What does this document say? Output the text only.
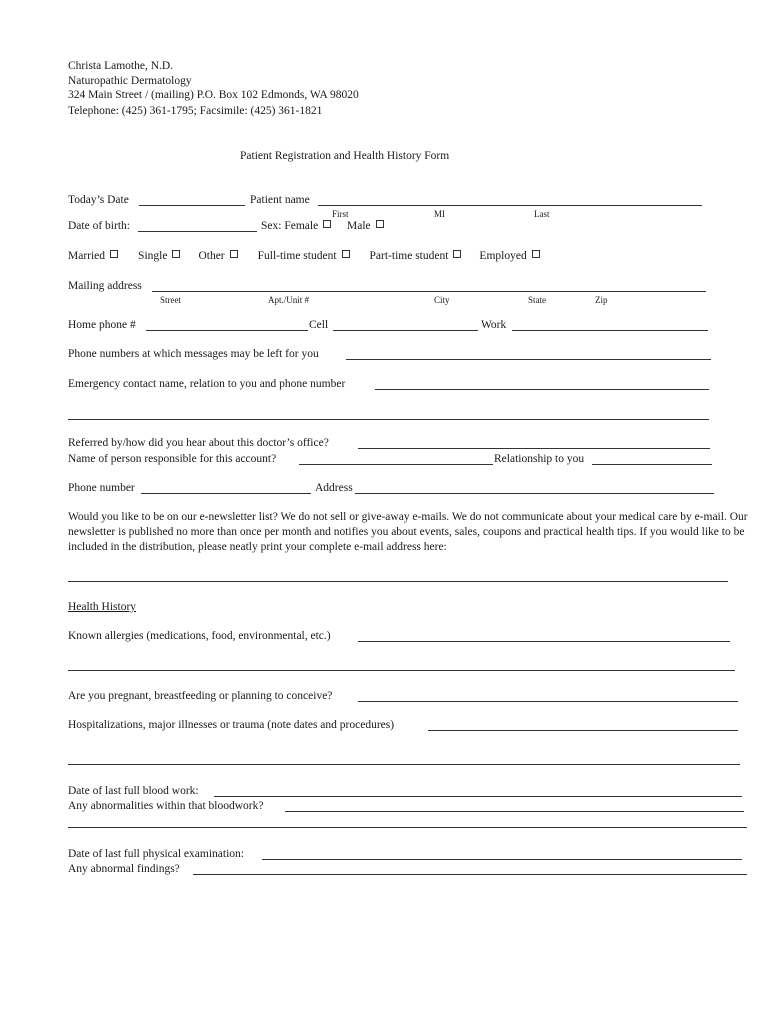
Christa Lamothe, N.D.
Naturopathic Dermatology
324 Main Street / (mailing) P.O. Box 102 Edmonds, WA 98020
Telephone: (425) 361-1795; Facsimile: (425) 361-1821
Patient Registration and Health History Form
Today’s Date	Patient name
First	MI	Last
Date of birth:	Sex: Female	Male
Married	Single	Other	Full-time student	Part-time student	Employed
Mailing address
Street	Apt./Unit #	City	State	Zip
Home phone #	Cell	Work
Phone numbers at which messages may be left for you
Emergency contact name, relation to you and phone number
Referred by/how did you hear about this doctor’s office?
Name of person responsible for this account?	Relationship to you
Phone number	Address
Would you like to be on our e-newsletter list? We do not sell or give-away e-mails. We do not communicate about your medical care by e-mail. Our newsletter is published no more than once per month and notifies you about events, sales, coupons and practical health tips. If you would like to be included in the distribution, please neatly print your complete e-mail address here:
Health History
Known allergies (medications, food, environmental, etc.)
Are you pregnant, breastfeeding or planning to conceive?
Hospitalizations, major illnesses or trauma (note dates and procedures)
Date of last full blood work:
Any abnormalities within that bloodwork?
Date of last full physical examination:
Any abnormal findings?
